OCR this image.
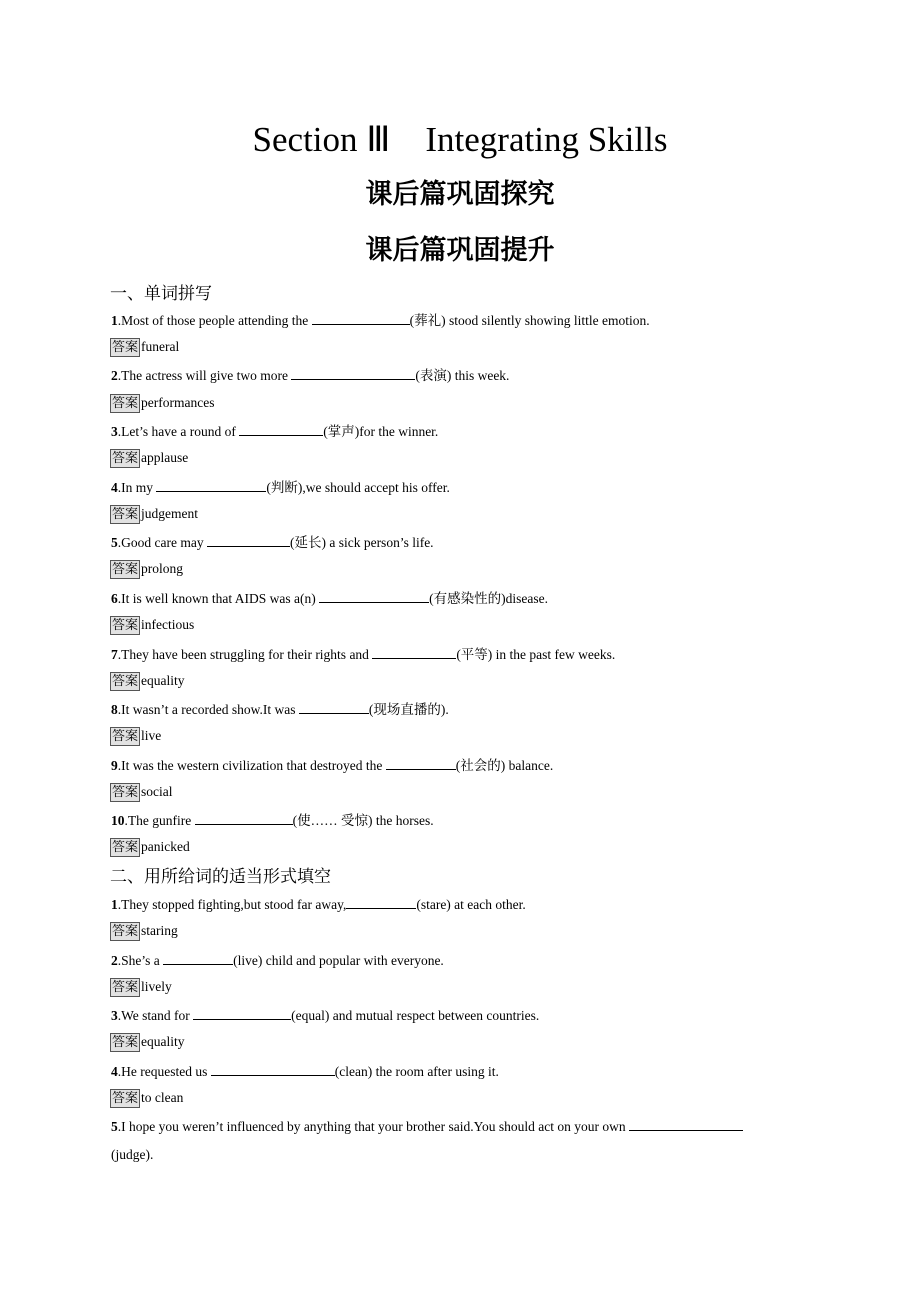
Section Ⅲ　Integrating Skills
课后篇巩固探究
课后篇巩固提升
一、单词拼写
1.Most of those people attending the	(葬礼) stood silently showing little emotion.
答案 funeral
2.The actress will give two more	(表演) this week.
答案 performances
3.Let’s have a round of	(掌声)for the winner.
答案 applause
4.In my	(判断),we should accept his offer.
答案 judgement
5.Good care may	(延长) a sick person’s life.
答案 prolong
6.It is well known that AIDS was a(n)	(有感染性的)disease.
答案 infectious
7.They have been struggling for their rights and	(平等) in the past few weeks.
答案 equality
8.It wasn’t a recorded show.It was	(现场直播的).
答案 live
9.It was the western civilization that destroyed the	(社会的) balance.
答案 social
10.The gunfire	(使…… 受惊) the horses.
答案 panicked
二、用所给词的适当形式填空
1.They stopped fighting,but stood far away,	(stare) at each other.
答案 staring
2.She’s a	(live) child and popular with everyone.
答案 lively
3.We stand for	(equal) and mutual respect between countries.
答案 equality
4.He requested us	(clean) the room after using it.
答案 to clean
5.I hope you weren’t influenced by anything that your brother said.You should act on your own
(judge).
